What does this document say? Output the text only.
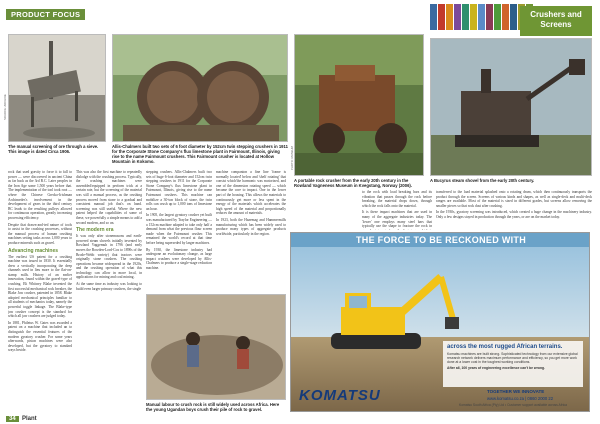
PRODUCT FOCUS	Crushers and
Screens
SOURCE: ARCHIVE
The manual screening of ore through a sieve. This image is dated Circa 1906.
Allis-Chalmers built two sets of 6 foot diameter by 152cm twin stepping crushers in 1911 for the Corporate Stone Company's flux limestone plant in Fairmount, Illinois, giving rise to the name Fairmount crushers. This Fairmount crusher is located at Hollow Mountain in Kokomo.	PHOTO: MUSEUM
A portable rock crusher from the early 20th century in the Rowland Vagneness Museum in Kvegstang, Norway (2006).
A Bucyrus steam shovel from the early 20th century.

rock that used gravity to force it to fall to power — were discovered in ancient China as far back as the 3rd B.C. Later peoples in the Iron Age some 1,500 years before that. The implementation of the tool took root — where the Chinese Grecko-Irishman Archimedes's involvement in the development of gears in the third century BC leads to the resulting pulleys allowed for continuous operation, greatly increasing processing efficiency.

Despite that drawn-and-ted nature of tools to assist in the crushing processes, without the manual process of human crushing machines setting tasks across 1,000 years to produce minerals such as gravel.

Advancing machines

The earliest US patent for a crushing machine was issued in 1830. It essentially drew a vertically incorporating the deep channels used in lieu more to the flat-on-stamp mills. History of an earlier innovation, found within the gravel-type of crushing. Eli Whitney Blake invented the first successful mechanical rock breaker, the Blake Jaw crusher, patented in 1858. Blake adopted mechanical principles familiar to all students of mechanics today, namely the powerful toggle linkage. The Blake-type jaw crusher concept is the standard for which all jaw crushers are judged today.

In 1881, Philetus W. Gates was awarded a patent on a machine that included an to distinguish the essential features of the modern gyratory crusher. For some years afterwards, piston machines were also developed, but the gyratory to standard ways beside.

This was also the first machine to repeatedly dislodge with the crushing process. Typically, the crushing machines were assembled/equipped in perform trick at a certain rate, but the screening of the material was still a manual process, as the crushing process moved from stone to a gradual and consistent manual job that's on hand. screening was still useful. Where the new patent helped the capabilities of some of these, we powerfully a simple means to add a second modern, and so on.

The modern era

It was only after stonemasons and earth-powered steam shovels initially invented by Rowland Vaggemuh in 1796 (and early moves the Bowden-Lord-Cox to 1890s of the Brode-Webb variety) that tractors were originally stone crushers. The crushing operations became widespread in the 1920s, and the crushing operation of what this technology can allow in more local, in applications for mining and coal mining.

At the same time as industry was looking to build even larger primary crushers, the single

stepping crushers. Allis-Chalmers built two sets of huge 6-foot diameter and 152cm twin stepping crushers in 1911 for the Corporate Stone Company's flux limestone plant in Fairmount, Illinois, giving rise to the name Fairmount crushers. This machine can mobilize a 30-ton block of stone, the twin rolls can crush up to 1,000 tons of limestone an hour.

In 1905, the largest gyratory crusher yet built was manufactured by Traylor Engineering — a 152cm machine adapted to take only half a demand from what the previous flour screen made when the Fairmount crusher. This remained the world's record at that time before being superseded by larger machines.

By 1930, the limestone industry had undergone an evolutionary change, as large impact crushers were developed by Allis-Chalmers to produce a single-stage reduction machine.

machine companion a fine line 'frame is normally located' below and 'shelf rotating' that consist which'the harmonic was motorized, and one of the dimension rotating speed — which became the core to impact. One in the lower part of the housing. This allows the materials to continuously get more or less spent in the energy of the materials which accelerates the high speed of the material and proportionally reduces the amount of materials.

In 1923, both the Hazemag and Hammermills manufacturing which has been widely used to produce many types of aggregate products worldwide, particularly in the region.

to the rock with load breaking bars and its vibration that passes through the rock before breaking, the material drops down, through which the rock falls onto the material.

It is these impact machines that are used in many of the aggregate industries today. The 'lower' one employs many steel bars that typically use the shape to fracture the rock in

transferred to the load material splashed onto a rotating drum, which then continuously transports the product through the screen. Screens of various kinds and shapes, as well as single-deck and multi-deck ranges are available. Most of the material is sized in different grades, but screens allow removing the smaller pieces so that rock dust after crushing.

In the 1930s, gyratory screening was introduced, which created a huge change in the machinery industry. Only a few designs stayed in production through the years, or are on the market today.

Manual labour to crush rock is still widely used across Africa. Here the young Ugandan boys crush their pile of rock to gravel.
THE FORCE TO BE RECKONED WITH
across the most rugged African terrains.
Komatsu machines are built strong. Sophisticated technology from our extensive global research network delivers maximum performance and efficiency, so you get more work done at a lower cost in the toughest working conditions.
After all, 100 years of engineering excellence can't be wrong.
KOMATSU	TOGETHER WE INNOVATE
www.komatsu.co.za | 0860 2000 22
Komatsu South Africa (Pty) Ltd • Customer support available across Africa
34	Plant
